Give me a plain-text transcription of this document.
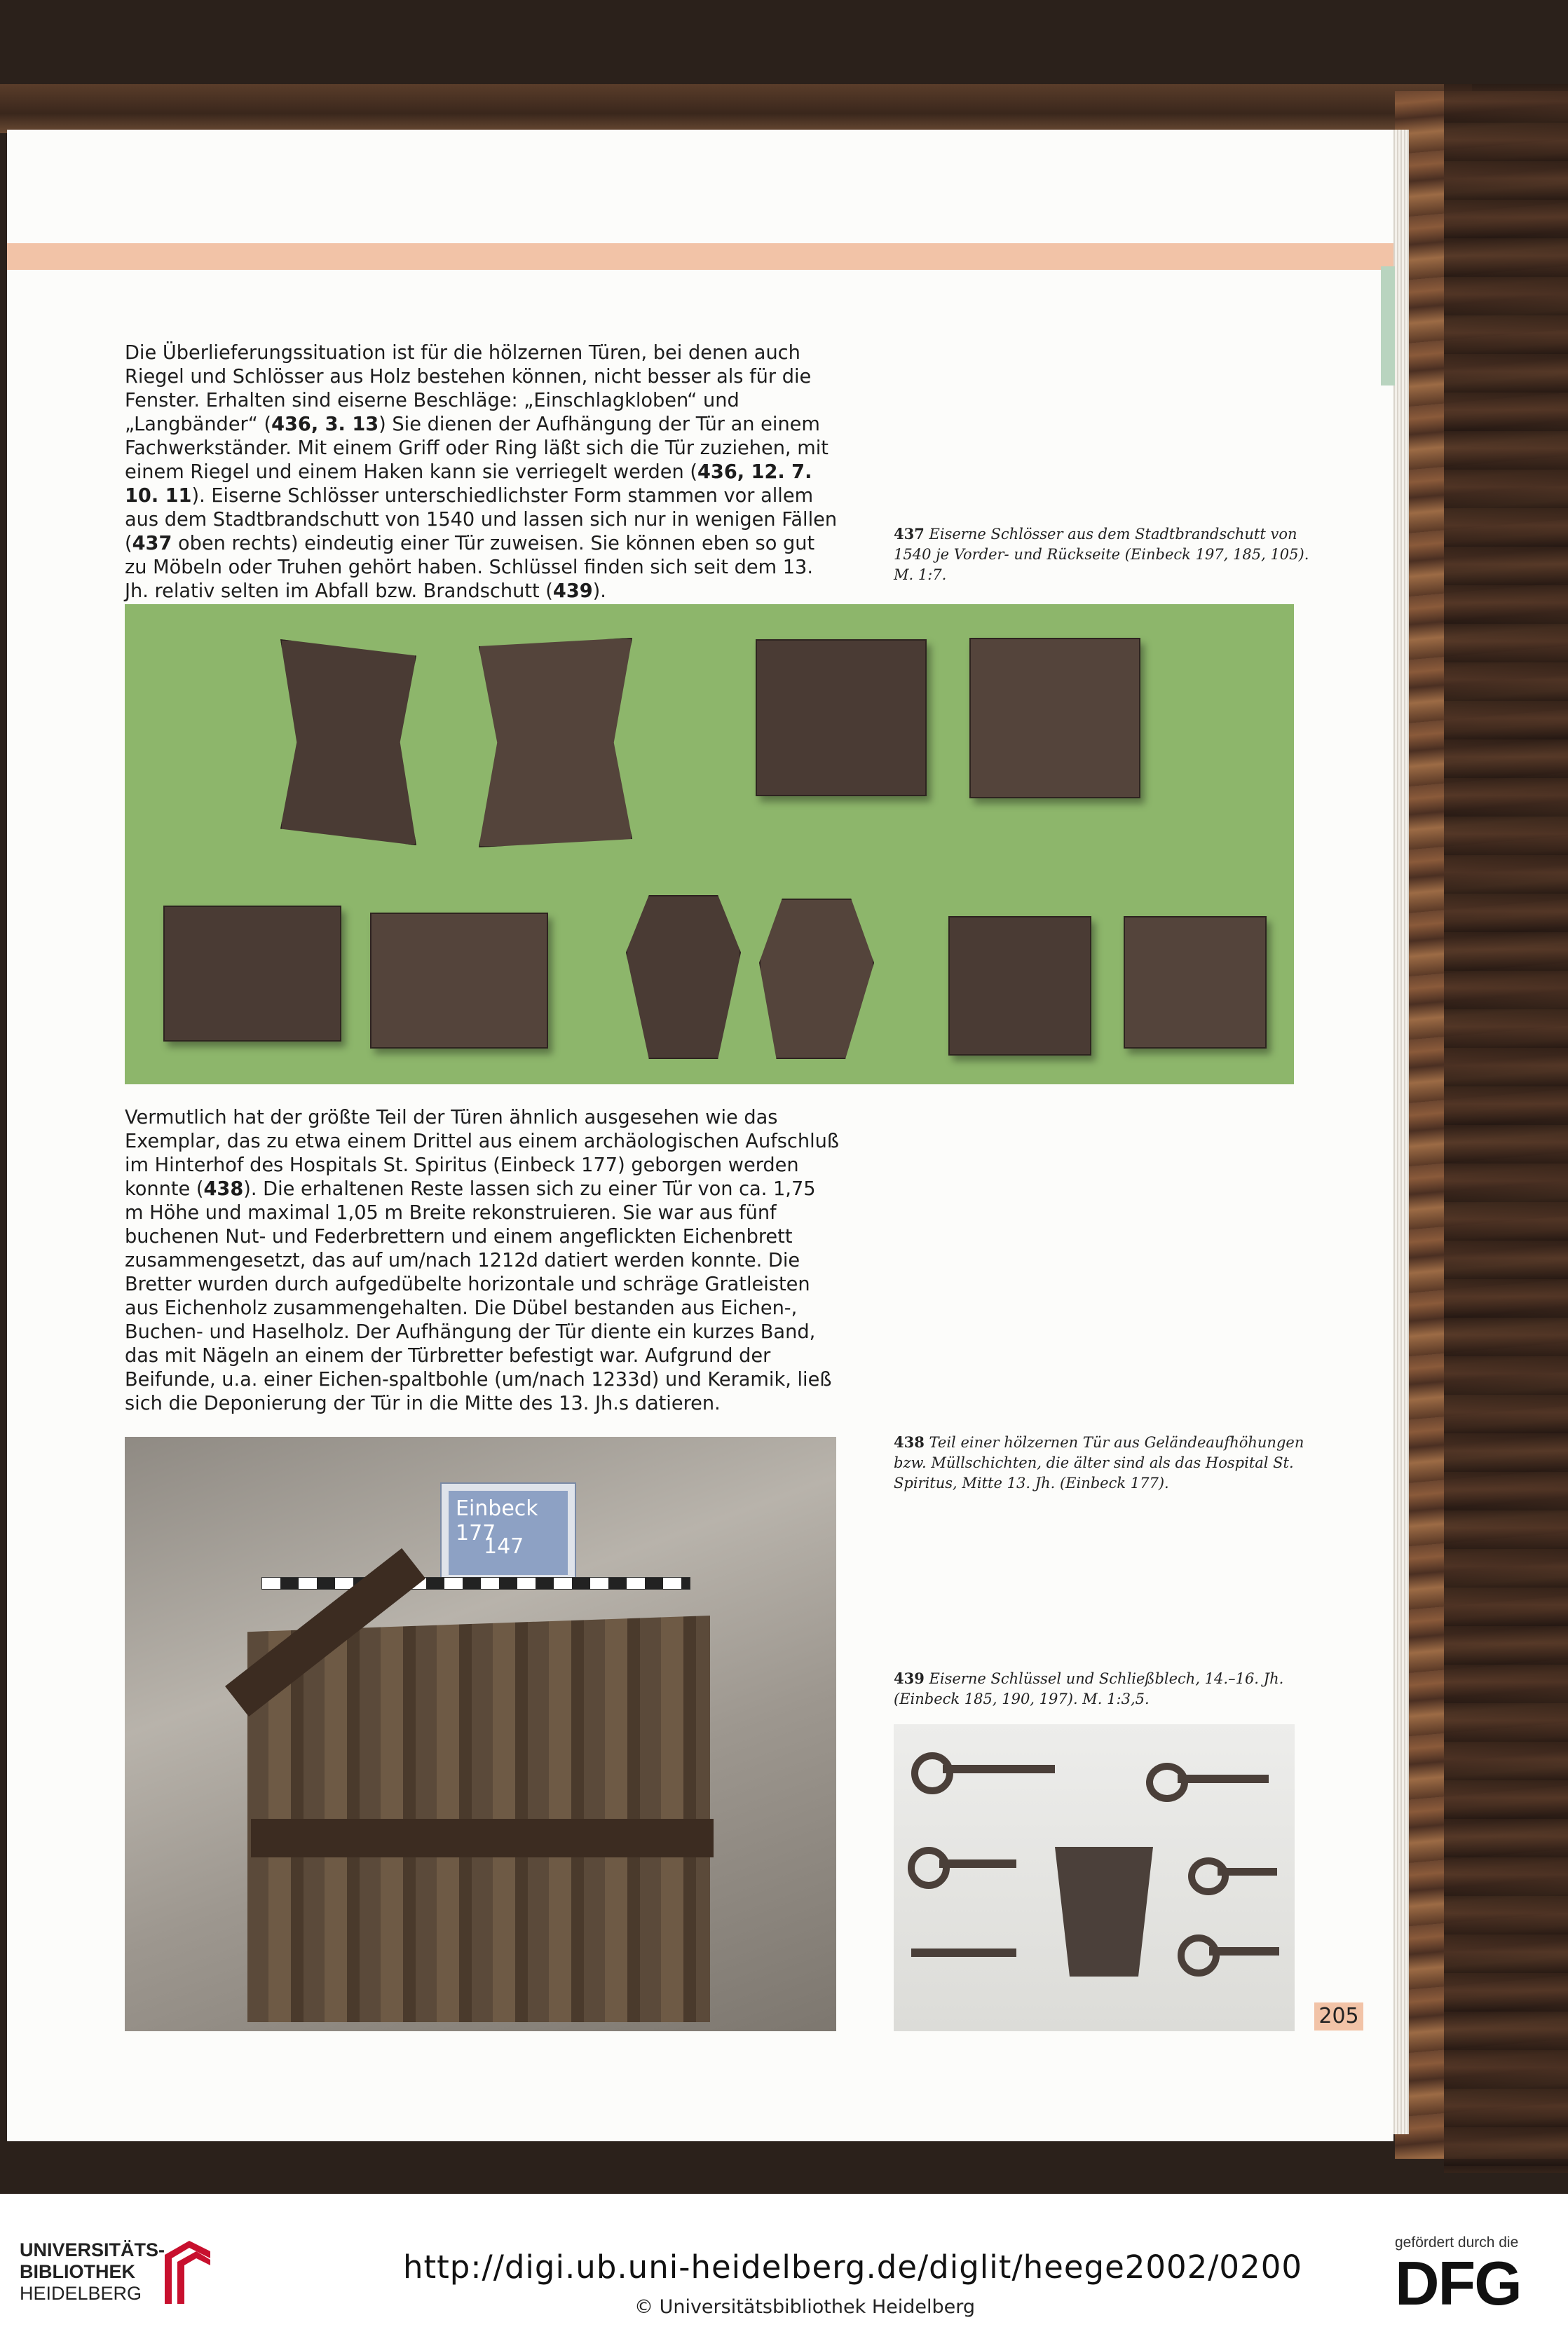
Die Überlieferungssituation ist für die hölzernen Türen, bei denen auch Riegel und Schlösser aus Holz bestehen können, nicht besser als für die Fenster. Erhalten sind eiserne Beschläge: „Einschlagkloben“ und „Langbänder“ (436, 3. 13) Sie dienen der Aufhängung der Tür an einem Fachwerkständer. Mit einem Griff oder Ring läßt sich die Tür zuziehen, mit einem Riegel und einem Haken kann sie verriegelt werden (436, 12. 7. 10. 11). Eiserne Schlösser unterschiedlichster Form stammen vor allem aus dem Stadtbrandschutt von 1540 und lassen sich nur in wenigen Fällen (437 oben rechts) eindeutig einer Tür zuweisen. Sie können eben so gut zu Möbeln oder Truhen gehört haben. Schlüssel finden sich seit dem 13. Jh. relativ selten im Abfall bzw. Brandschutt (439).
437 Eiserne Schlösser aus dem Stadtbrandschutt von 1540 je Vorder- und Rückseite (Einbeck 197, 185, 105). M. 1:7.
Vermutlich hat der größte Teil der Türen ähnlich ausgesehen wie das Exemplar, das zu etwa einem Drittel aus einem archäologischen Aufschluß im Hinterhof des Hospitals St. Spiritus (Einbeck 177) geborgen werden konnte (438). Die erhaltenen Reste lassen sich zu einer Tür von ca. 1,75 m Höhe und maximal 1,05 m Breite rekonstruieren. Sie war aus fünf buchenen Nut- und Federbrettern und einem angeflickten Eichenbrett zusammengesetzt, das auf um/nach 1212d datiert werden konnte. Die Bretter wurden durch aufgedübelte horizontale und schräge Gratleisten aus Eichenholz zusammengehalten. Die Dübel bestanden aus Eichen-, Buchen- und Haselholz. Der Aufhängung der Tür diente ein kurzes Band, das mit Nägeln an einem der Türbretter befestigt war. Aufgrund der Beifunde, u.a. einer Eichen-spaltbohle (um/nach 1233d) und Keramik, ließ sich die Deponierung der Tür in die Mitte des 13. Jh.s datieren.
Einbeck 177
147
438 Teil einer hölzernen Tür aus Geländeaufhöhungen bzw. Müllschichten, die älter sind als das Hospital St. Spiritus, Mitte 13. Jh. (Einbeck 177).
439 Eiserne Schlüssel und Schließblech, 14.–16. Jh. (Einbeck 185, 190, 197). M. 1:3,5.
205
UNIVERSITÄTS-
BIBLIOTHEK
HEIDELBERG
http://digi.ub.uni-heidelberg.de/diglit/heege2002/0200
© Universitätsbibliothek Heidelberg
gefördert durch die
DFG
